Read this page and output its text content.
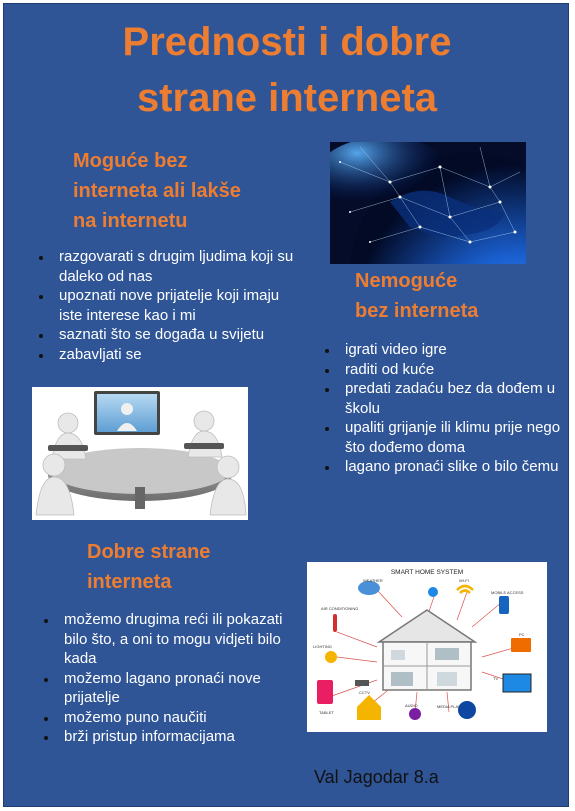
Prednosti i dobre
strane interneta
Moguće bez
interneta ali lakše
na internetu
razgovarati s drugim ljudima koji su daleko od nas
upoznati nove prijatelje koji imaju iste interese kao i mi
saznati što se događa u svijetu
zabavljati se
Nemoguće
bez interneta
igrati video igre
raditi od kuće
predati zadaću bez da dođem u školu
upaliti grijanje ili klimu prije nego što dođemo doma
lagano pronaći slike o bilo čemu
Dobre strane
interneta
možemo drugima reći ili pokazati bilo što, a oni to mogu vidjeti bilo kada
možemo lagano pronaći nove prijatelje
možemo puno naučiti
brži pristup informacijama
SMART HOME SYSTEM
WEATHER	WI-FI
MOBILE ACCESS
AIR CONDITIONING
LIGHTING
PC
CCTV
TV
TABLET
AUDIO	MEDIA PLAY
Val Jagodar 8.a
